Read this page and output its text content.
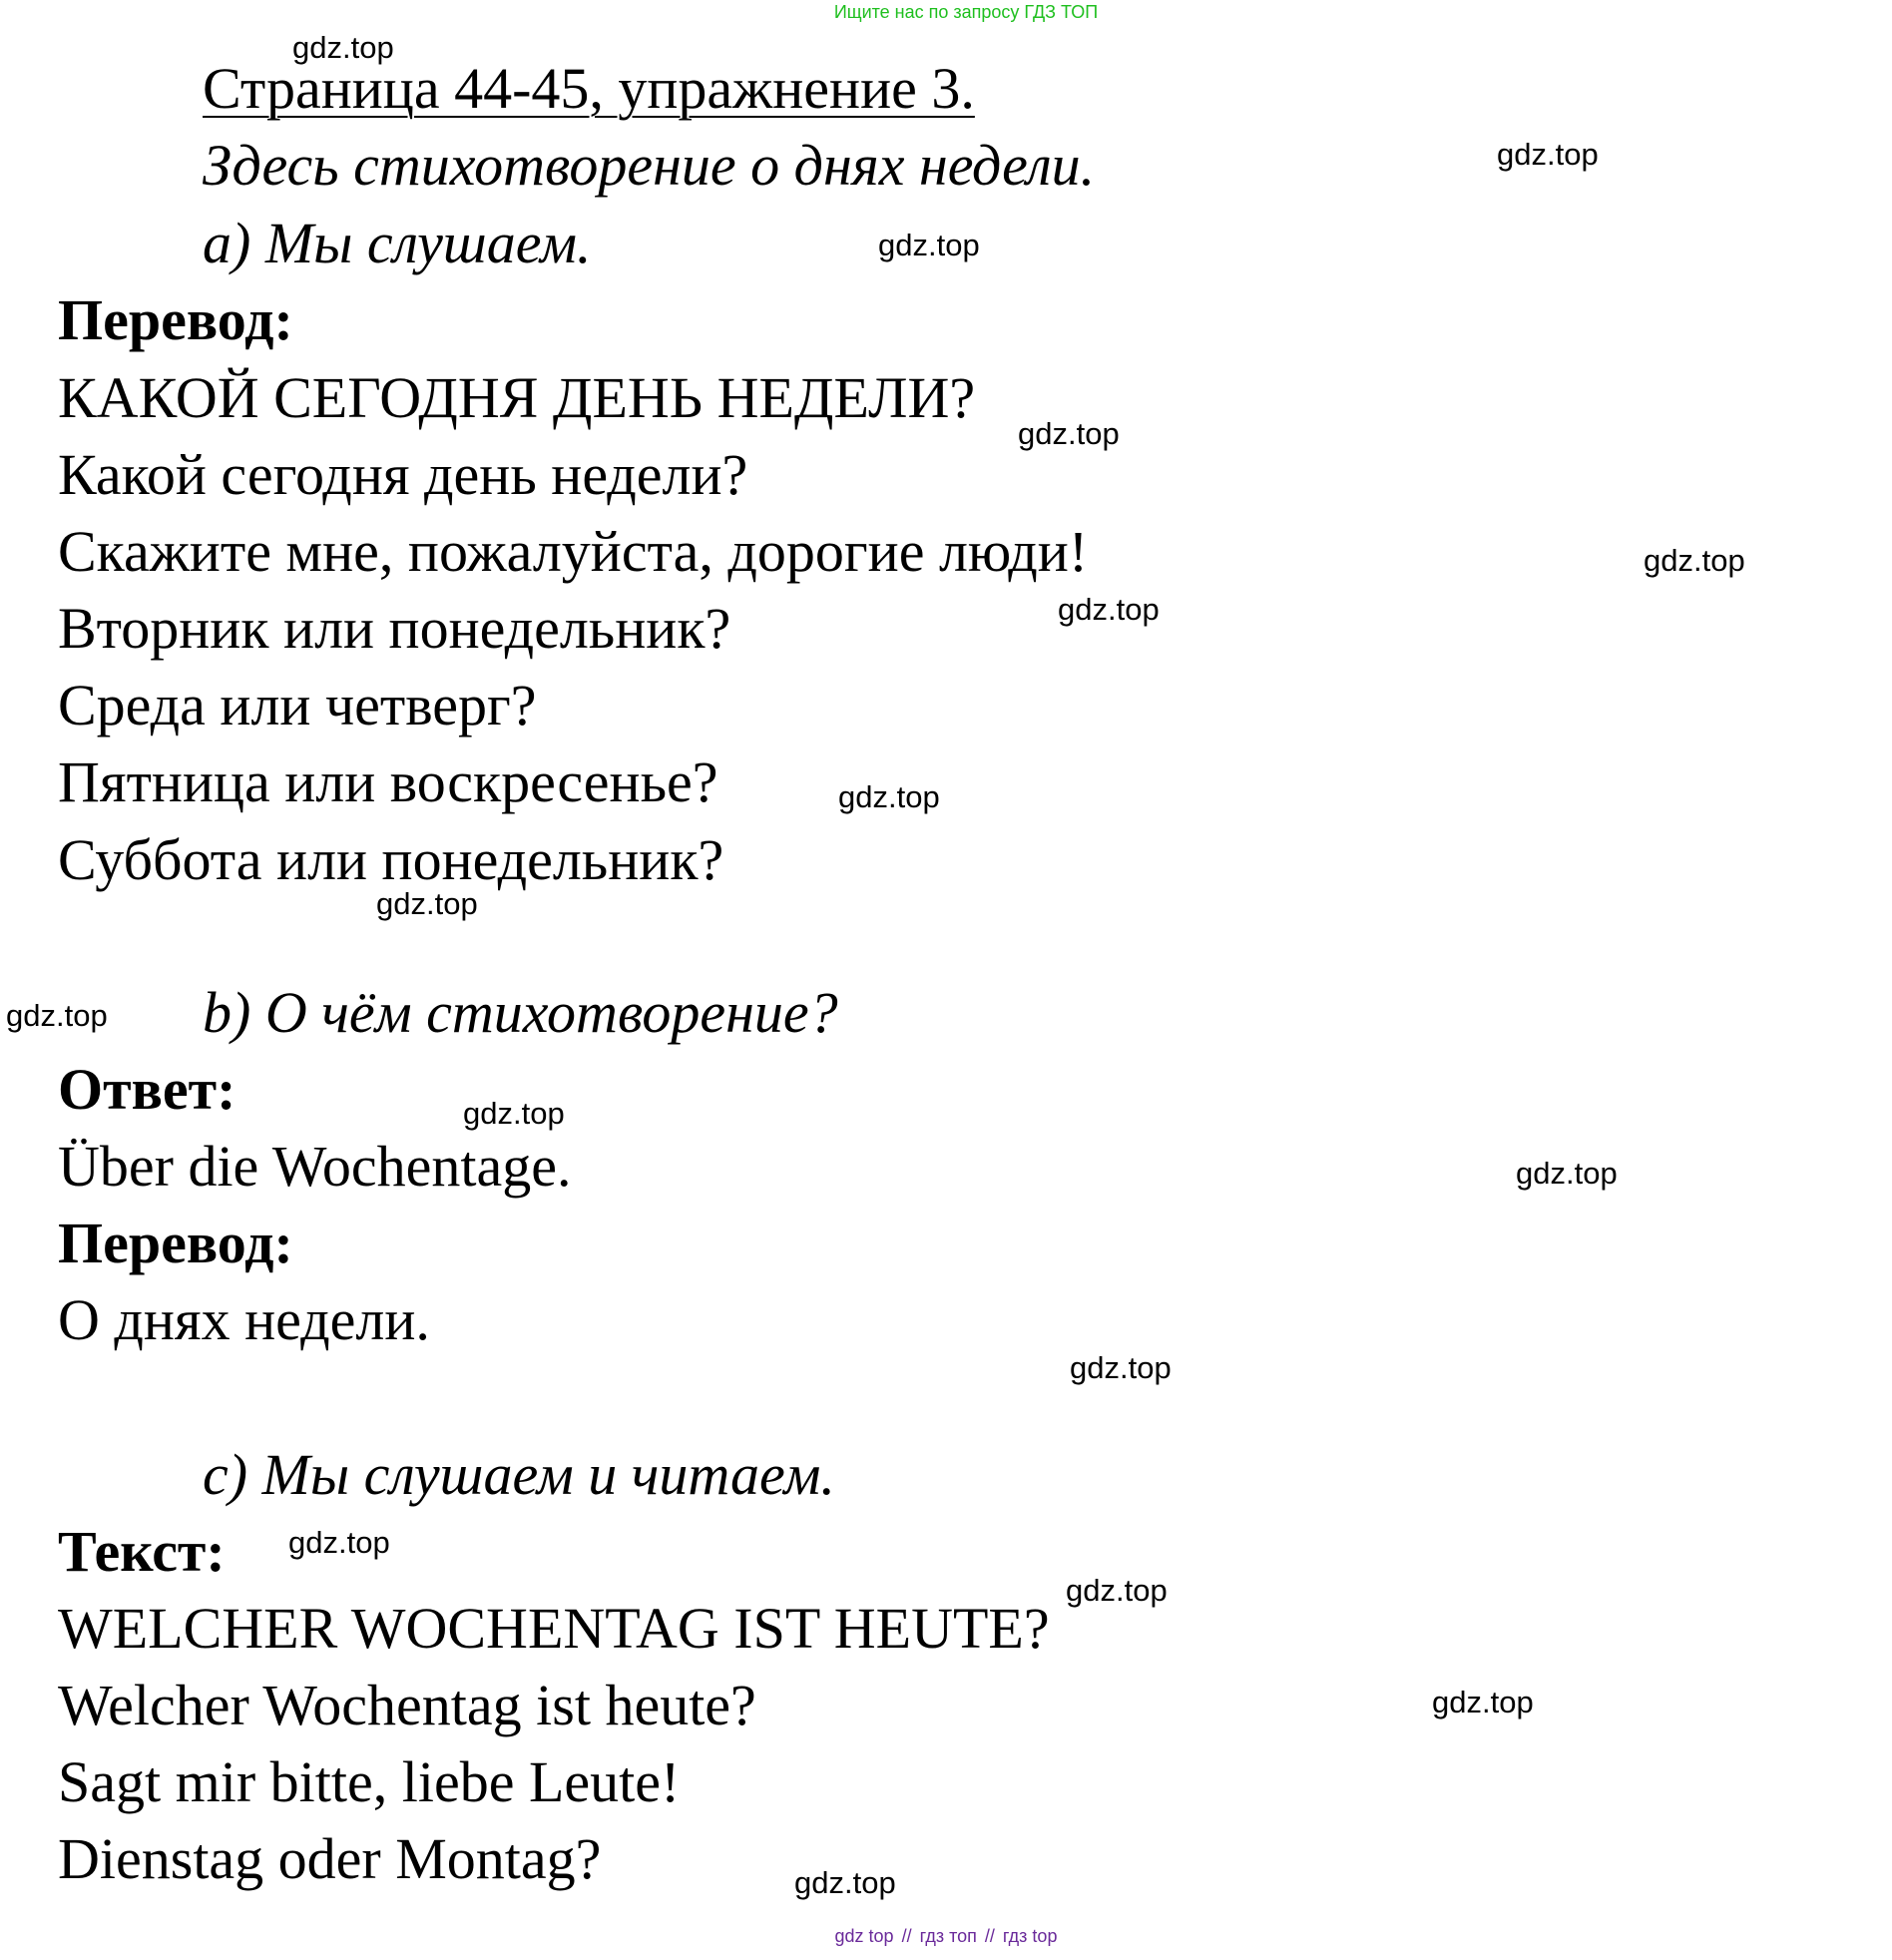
Ищите нас по запросу ГДЗ ТОП
Страница 44-45, упражнение 3.
Здесь стихотворение о днях недели.
a) Мы слушаем.
Перевод:
КАКОЙ СЕГОДНЯ ДЕНЬ НЕДЕЛИ?
Какой сегодня день недели?
Скажите мне, пожалуйста, дорогие люди!
Вторник или понедельник?
Среда или четверг?
Пятница или воскресенье?
Суббота или понедельник?
b) О чём стихотворение?
Ответ:
Über die Wochentage.
Перевод:
О днях недели.
c) Мы слушаем и читаем.
Текст:
WELCHER WOCHENTAG IST HEUTE?
Welcher Wochentag ist heute?
Sagt mir bitte, liebe Leute!
Dienstag oder Montag?
gdz.top
gdz.top
gdz.top
gdz.top
gdz.top
gdz.top
gdz.top
gdz.top
gdz.top
gdz.top
gdz.top
gdz.top
gdz.top
gdz.top
gdz.top
gdz.top
gdz top // гдз топ // гдз top
